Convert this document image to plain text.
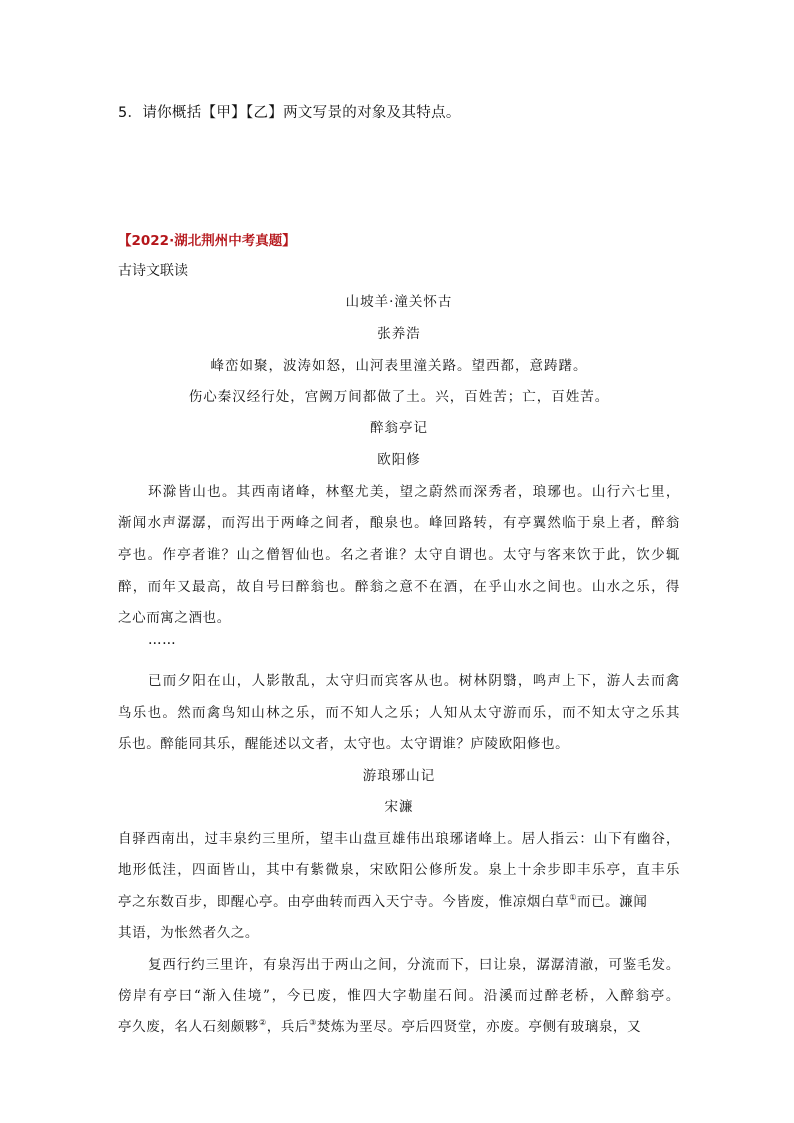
5．请你概括【甲】【乙】两文写景的对象及其特点。
【2022·湖北荆州中考真题】
古诗文联读
山坡羊·潼关怀古
张养浩
峰峦如聚，波涛如怒，山河表里潼关路。望西都，意踌躇。
伤心秦汉经行处，宫阙万间都做了土。兴，百姓苦；亡，百姓苦。
醉翁亭记
欧阳修
环滁皆山也。其西南诸峰，林壑尤美，望之蔚然而深秀者，琅琊也。山行六七里，
渐闻水声潺潺，而泻出于两峰之间者，酿泉也。峰回路转，有亭翼然临于泉上者，醉翁
亭也。作亭者谁？山之僧智仙也。名之者谁？太守自谓也。太守与客来饮于此，饮少辄
醉，而年又最高，故自号曰醉翁也。醉翁之意不在酒，在乎山水之间也。山水之乐，得
之心而寓之酒也。
……
已而夕阳在山，人影散乱，太守归而宾客从也。树林阴翳，鸣声上下，游人去而禽
鸟乐也。然而禽鸟知山林之乐，而不知人之乐；人知从太守游而乐，而不知太守之乐其
乐也。醉能同其乐，醒能述以文者，太守也。太守谓谁？庐陵欧阳修也。
游琅琊山记
宋濂
自驿西南出，过丰泉约三里所，望丰山盘亘雄伟出琅琊诸峰上。居人指云：山下有幽谷，
地形低洼，四面皆山，其中有紫微泉，宋欧阳公修所发。泉上十余步即丰乐亭，直丰乐
亭之东数百步，即醒心亭。由亭曲转而西入天宁寺。今皆废，惟凉烟白草①而已。濂闻
其语，为怅然者久之。
复西行约三里许，有泉泻出于两山之间，分流而下，曰让泉，潺潺清澈，可鉴毛发。
傍岸有亭曰“渐入佳境”，今已废，惟四大字勒崖石间。沿溪而过醉老桥，入醉翁亭。
亭久废，名人石刻颇夥②，兵后③焚炼为垩尽。亭后四贤堂，亦废。亭侧有玻璃泉，又
